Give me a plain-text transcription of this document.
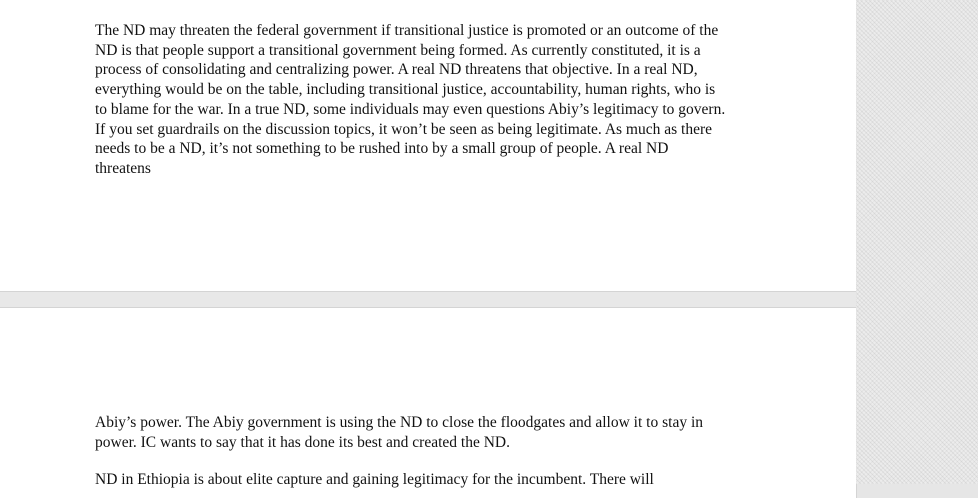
The ND may threaten the federal government if transitional justice is promoted or an outcome of the ND is that people support a transitional government being formed. As currently constituted, it is a process of consolidating and centralizing power. A real ND threatens that objective. In a real ND, everything would be on the table, including transitional justice, accountability, human rights, who is to blame for the war. In a true ND, some individuals may even questions Abiy’s legitimacy to govern. If you set guardrails on the discussion topics, it won’t be seen as being legitimate. As much as there needs to be a ND, it’s not something to be rushed into by a small group of people. A real ND threatens

Abiy’s power. The Abiy government is using the ND to close the floodgates and allow it to stay in power. IC wants to say that it has done its best and created the ND.

ND in Ethiopia is about elite capture and gaining legitimacy for the incumbent. There will
